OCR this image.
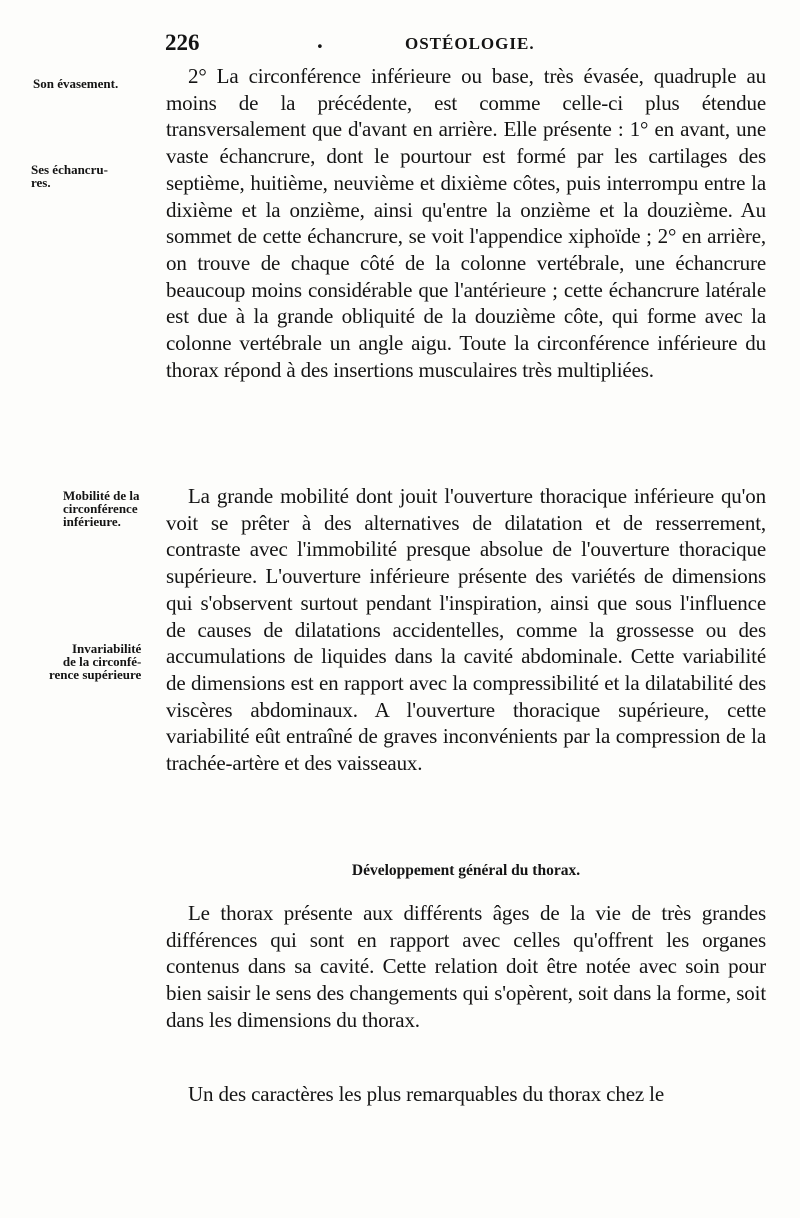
226	.	OSTÉOLOGIE.
Son évasement.
Ses échancru-
res.
Mobilité de la
circonférence
inférieure.
Invariabilité
de la circonfé-
rence supérieure

2° La circonférence inférieure ou base, très évasée, quadruple au moins de la précédente, est comme celle-ci plus étendue transversalement que d'avant en arrière. Elle présente : 1° en avant, une vaste échancrure, dont le pourtour est formé par les cartilages des septième, huitième, neuvième et dixième côtes, puis interrompu entre la dixième et la onzième, ainsi qu'entre la onzième et la douzième. Au sommet de cette échancrure, se voit l'appendice xiphoïde ; 2° en arrière, on trouve de chaque côté de la colonne vertébrale, une échancrure beaucoup moins considérable que l'antérieure ; cette échancrure latérale est due à la grande obliquité de la douzième côte, qui forme avec la colonne vertébrale un angle aigu. Toute la circonférence inférieure du thorax répond à des insertions musculaires très multipliées.

La grande mobilité dont jouit l'ouverture thoracique inférieure qu'on voit se prêter à des alternatives de dilatation et de resserrement, contraste avec l'immobilité presque absolue de l'ouverture thoracique supérieure. L'ouverture inférieure présente des variétés de dimensions qui s'observent surtout pendant l'inspiration, ainsi que sous l'influence de causes de dilatations accidentelles, comme la grossesse ou des accumulations de liquides dans la cavité abdominale. Cette variabilité de dimensions est en rapport avec la compressibilité et la dilatabilité des viscères abdominaux. A l'ouverture thoracique supérieure, cette variabilité eût entraîné de graves inconvénients par la compression de la trachée-artère et des vaisseaux.

Développement général du thorax.

Le thorax présente aux différents âges de la vie de très grandes différences qui sont en rapport avec celles qu'offrent les organes contenus dans sa cavité. Cette relation doit être notée avec soin pour bien saisir le sens des changements qui s'opèrent, soit dans la forme, soit dans les dimensions du thorax.

Un des caractères les plus remarquables du thorax chez le
